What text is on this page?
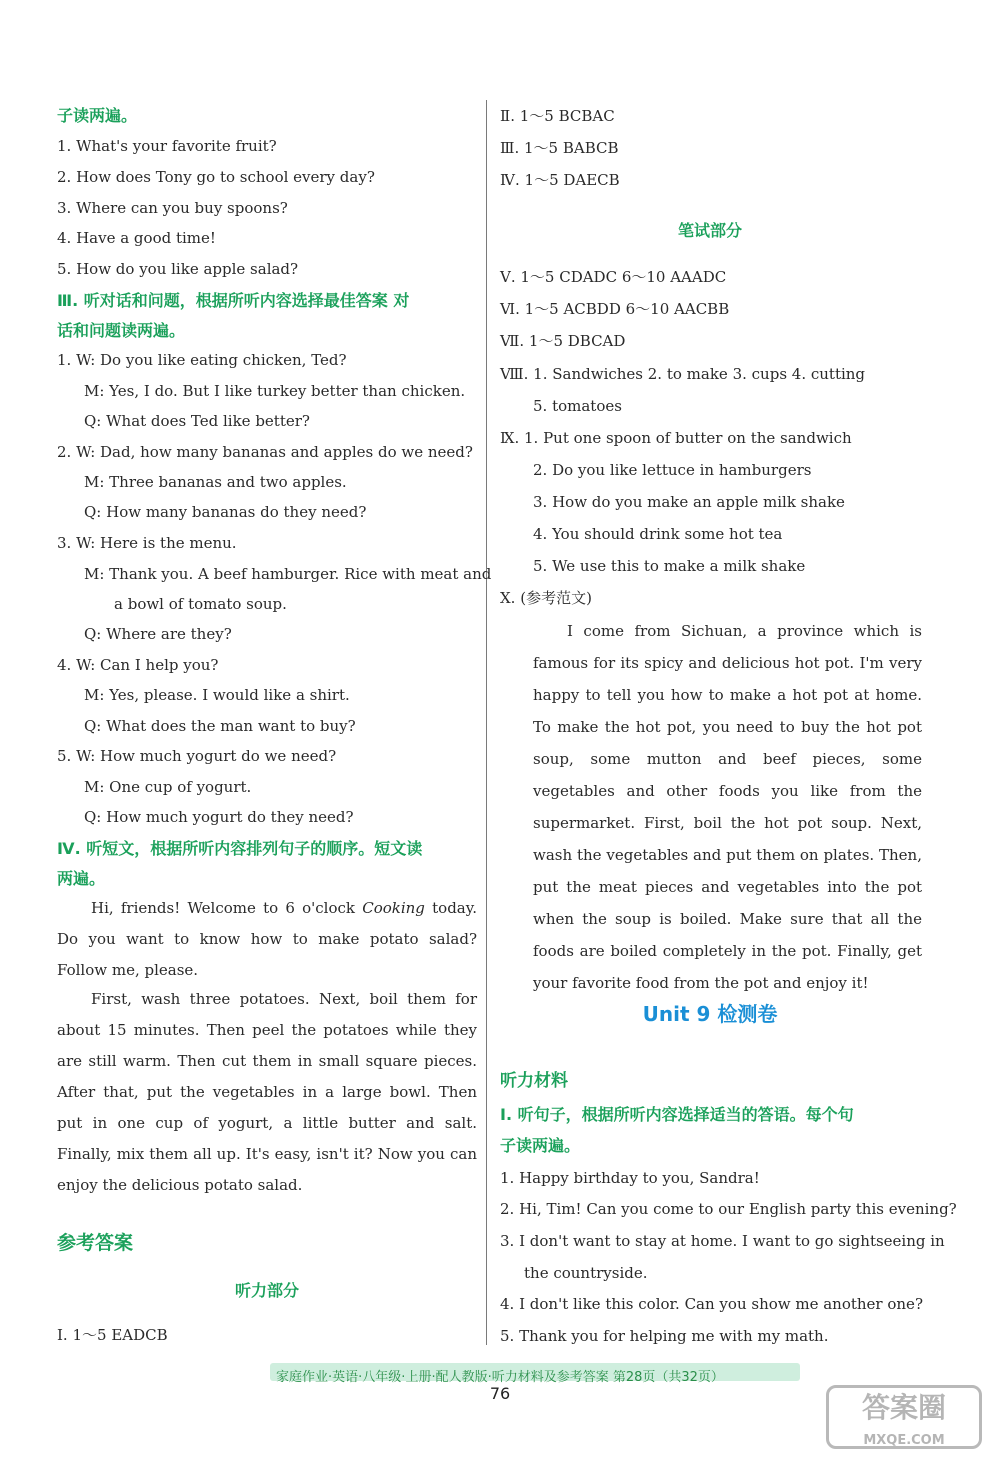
子读两遍。
1. What's your favorite fruit?
2. How does Tony go to school every day?
3. Where can you buy spoons?
4. Have a good time!
5. How do you like apple salad?
Ⅲ. 听对话和问题，根据所听内容选择最佳答案 对
话和问题读两遍。
1. W: Do you like eating chicken, Ted?
M: Yes, I do. But I like turkey better than chicken.
Q: What does Ted like better?
2. W: Dad, how many bananas and apples do we need?
M: Three bananas and two apples.
Q: How many bananas do they need?
3. W: Here is the menu.
M: Thank you. A beef hamburger. Rice with meat and
a bowl of tomato soup.
Q: Where are they?
4. W: Can I help you?
M: Yes, please. I would like a shirt.
Q: What does the man want to buy?
5. W: How much yogurt do we need?
M: One cup of yogurt.
Q: How much yogurt do they need?
Ⅳ. 听短文，根据所听内容排列句子的顺序。短文读
两遍。
Hi, friends! Welcome to 6 o'clock Cooking today. Do you want to know how to make potato salad? Follow me, please.
First, wash three potatoes. Next, boil them for about 15 minutes. Then peel the potatoes while they are still warm. Then cut them in small square pieces. After that, put the vegetables in a large bowl. Then put in one cup of yogurt, a little butter and salt. Finally, mix them all up. It's easy, isn't it? Now you can enjoy the delicious potato salad.
参考答案
听力部分
Ⅰ. 1～5 EADCB
Ⅱ. 1～5 BCBAC
Ⅲ. 1～5 BABCB
Ⅳ. 1～5 DAECB
笔试部分
Ⅴ. 1～5 CDADC 6～10 AAADC
Ⅵ. 1～5 ACBDD 6～10 AACBB
Ⅶ. 1～5 DBCAD
Ⅷ. 1. Sandwiches 2. to make 3. cups 4. cutting
5. tomatoes
Ⅸ. 1. Put one spoon of butter on the sandwich
2. Do you like lettuce in hamburgers
3. How do you make an apple milk shake
4. You should drink some hot tea
5. We use this to make a milk shake
Ⅹ. (参考范文)
I come from Sichuan, a province which is famous for its spicy and delicious hot pot. I'm very happy to tell you how to make a hot pot at home. To make the hot pot, you need to buy the hot pot soup, some mutton and beef pieces, some vegetables and other foods you like from the supermarket. First, boil the hot pot soup. Next, wash the vegetables and put them on plates. Then, put the meat pieces and vegetables into the pot when the soup is boiled. Make sure that all the foods are boiled completely in the pot. Finally, get your favorite food from the pot and enjoy it!
Unit 9 检测卷
听力材料
Ⅰ. 听句子，根据所听内容选择适当的答语。每个句
子读两遍。
1. Happy birthday to you, Sandra!
2. Hi, Tim! Can you come to our English party this evening?
3. I don't want to stay at home. I want to go sightseeing in
the countryside.
4. I don't like this color. Can you show me another one?
5. Thank you for helping me with my math.
家庭作业·英语·八年级·上册·配人教版·听力材料及参考答案 第28页（共32页）
76	答案圈
MXQE.COM
